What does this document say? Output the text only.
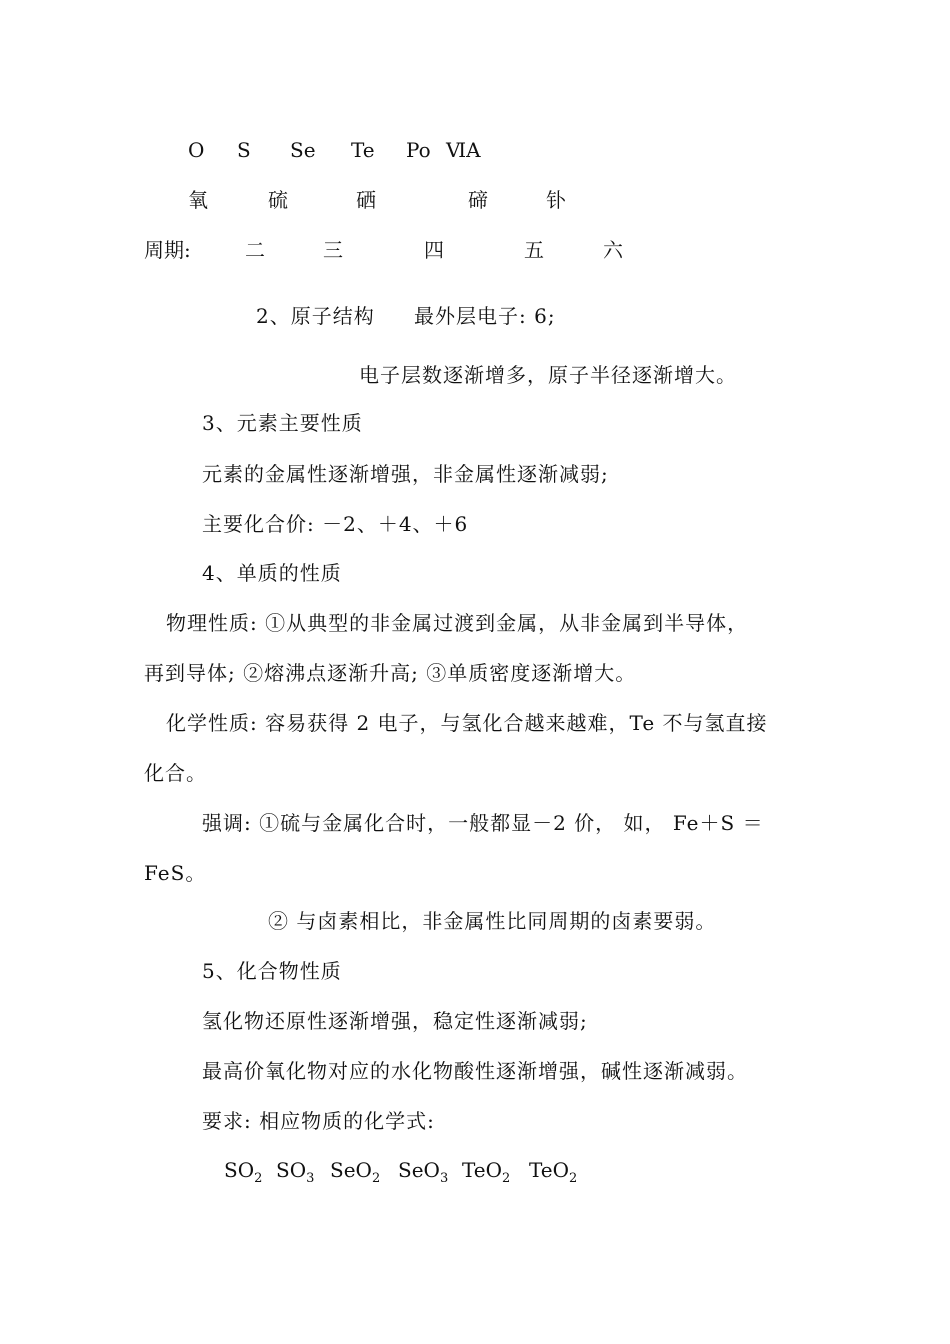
O S Se Te Po ⅥA
氧	硫	硒	碲	钋
周期:	二	三	四	五	六
2、原子结构 最外层电子: 6;
电子层数逐渐增多，原子半径逐渐增大。
3、元素主要性质
元素的金属性逐渐增强，非金属性逐渐减弱;
主要化合价: －2、＋4、＋6
4、单质的性质
物理性质: ①从典型的非金属过渡到金属，从非金属到半导体，
再到导体; ②熔沸点逐渐升高; ③单质密度逐渐增大。
化学性质: 容易获得 2 电子，与氢化合越来越难，Te 不与氢直接
化合。
强调: ①硫与金属化合时，一般都显－2 价， 如， Fe＋S ＝
FeS。
② 与卤素相比，非金属性比同周期的卤素要弱。
5、化合物性质
氢化物还原性逐渐增强，稳定性逐渐减弱;
最高价氧化物对应的水化物酸性逐渐增强，碱性逐渐减弱。
要求: 相应物质的化学式:
$SO_2$ $SO_3$ SeO$_2$ SeO$_3$ TeO$_2$ TeO$_2$
